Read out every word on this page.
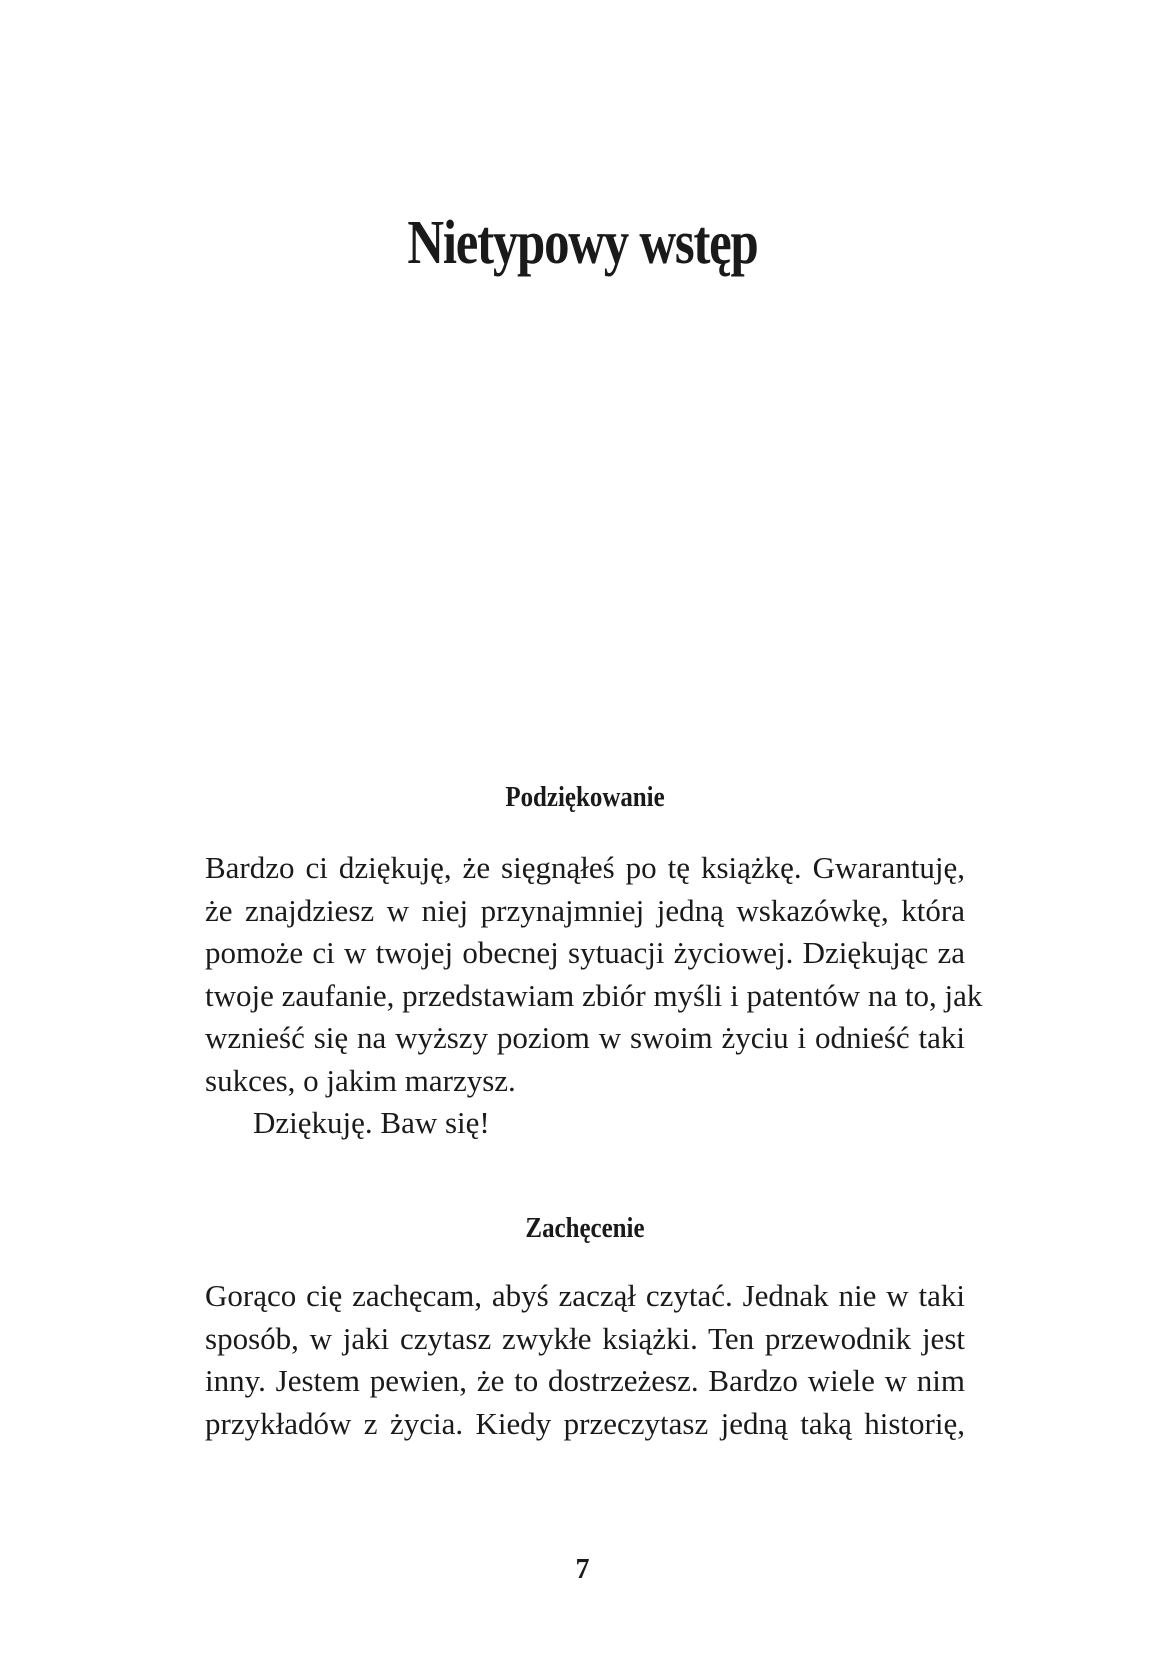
Nietypowy wstęp
Podziękowanie
Bardzo ci dziękuję, że sięgnąłeś po tę książkę. Gwarantuję,
że znajdziesz w niej przynajmniej jedną wskazówkę, która
pomoże ci w twojej obecnej sytuacji życiowej. Dziękując za
twoje zaufanie, przedstawiam zbiór myśli i patentów na to, jak
wznieść się na wyższy poziom w swoim życiu i odnieść taki
sukces, o jakim marzysz.
Dziękuję. Baw się!
Zachęcenie
Gorąco cię zachęcam, abyś zaczął czytać. Jednak nie w taki
sposób, w jaki czytasz zwykłe książki. Ten przewodnik jest
inny. Jestem pewien, że to dostrzeżesz. Bardzo wiele w nim
przykładów z życia. Kiedy przeczytasz jedną taką historię,
7
